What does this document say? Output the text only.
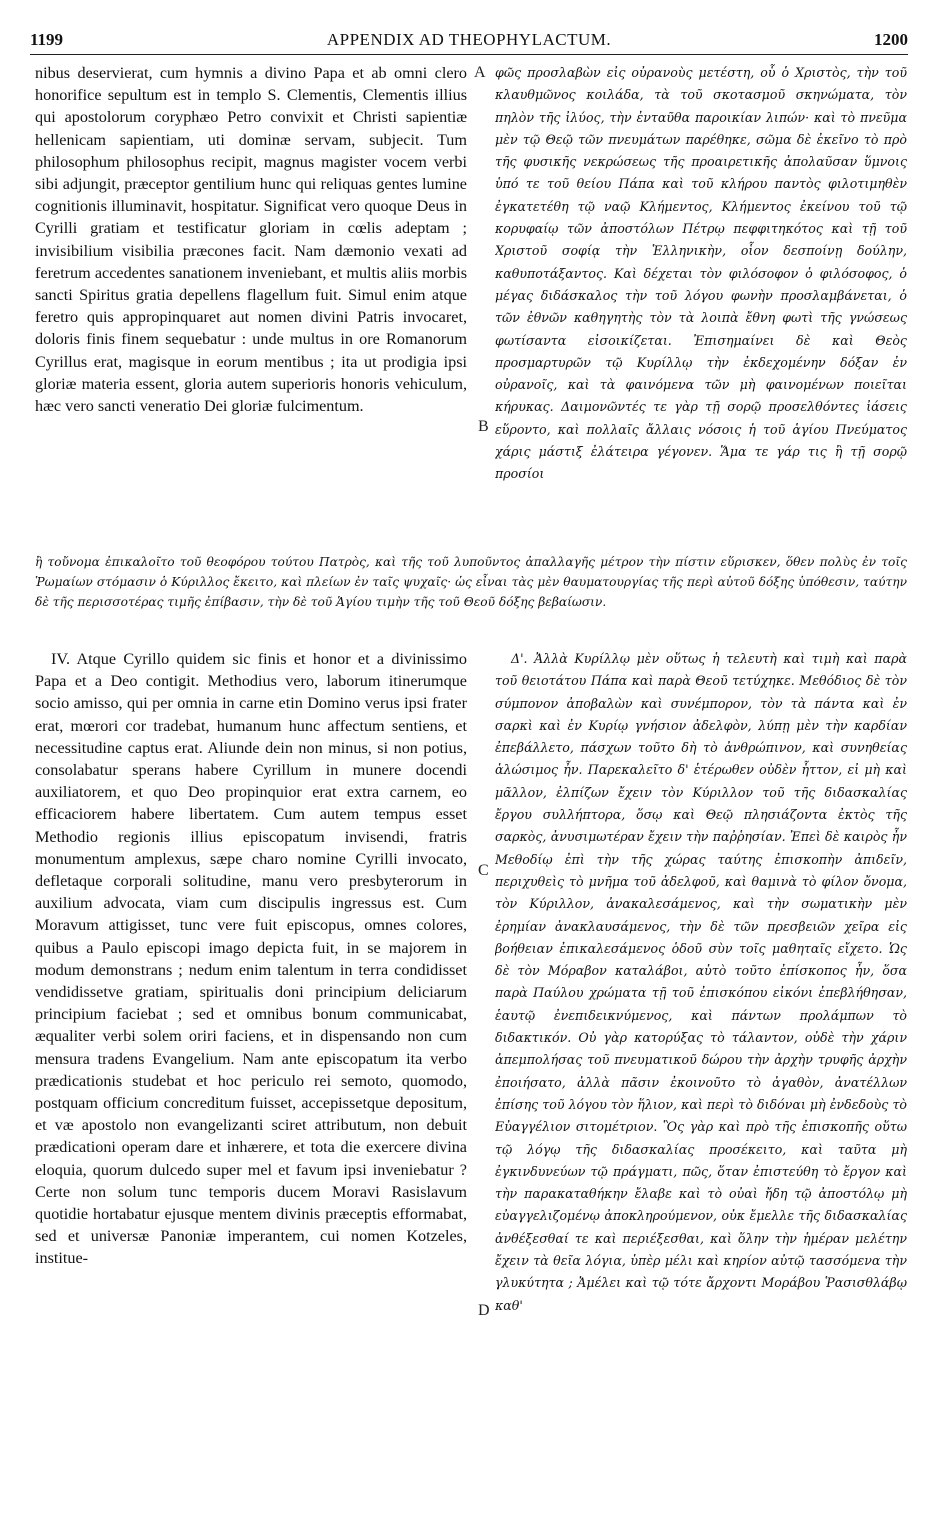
1199	APPENDIX AD THEOPHYLACTUM.	1200
A
B
C
D

nibus deservierat, cum hymnis a divino Papa et ab omni clero honorifice sepultum est in templo S. Clementis, Clementis illius qui apostolorum coryphæo Petro convixit et Christi sapientiæ hellenicam sapientiam, uti dominæ servam, subjecit. Tum philosophum philosophus recipit, magnus magister vocem verbi sibi adjungit, præceptor gentilium hunc qui reliquas gentes lumine cognitionis illuminavit, hospitatur. Significat vero quoque Deus in Cyrilli gratiam et testificatur gloriam in cœlis adeptam ; invisibilium visibilia præcones facit. Nam dæmonio vexati ad feretrum accedentes sanationem inveniebant, et multis aliis morbis sancti Spiritus gratia depellens flagellum fuit. Simul enim atque feretro quis appropinquaret aut nomen divini Patris invocaret, doloris finis finem sequebatur : unde multus in ore Romanorum Cyrillus erat, magisque in eorum mentibus ; ita ut prodigia ipsi gloriæ materia essent, gloria autem superioris honoris vehiculum, hæc vero sancti veneratio Dei gloriæ fulcimentum.

φῶς προσλαβὼν εἰς οὐρανοὺς μετέστη, οὗ ὁ Χριστὸς, τὴν τοῦ κλαυθμῶνος κοιλάδα, τὰ τοῦ σκοτασμοῦ σκηνώματα, τὸν πηλὸν τῆς ἰλύος, τὴν ἐνταῦθα παροικίαν λιπών· καὶ τὸ πνεῦμα μὲν τῷ Θεῷ τῶν πνευμάτων παρέθηκε, σῶμα δὲ ἐκεῖνο τὸ πρὸ τῆς φυσικῆς νεκρώσεως τῆς προαιρετικῆς ἀπολαῦσαν ὕμνοις ὑπό τε τοῦ θείου Πάπα καὶ τοῦ κλήρου παντὸς φιλοτιμηθὲν ἐγκατετέθη τῷ ναῷ Κλήμεντος, Κλήμεντος ἐκείνου τοῦ τῷ κορυφαίῳ τῶν ἀποστόλων Πέτρῳ πεφφιτηκότος καὶ τῇ τοῦ Χριστοῦ σοφίᾳ τὴν Ἑλληνικὴν, οἷον δεσποίνῃ δούλην, καθυποτάξαντος. Καὶ δέχεται τὸν φιλόσοφον ὁ φιλόσοφος, ὁ μέγας διδάσκαλος τὴν τοῦ λόγου φωνὴν προσλαμβάνεται, ὁ τῶν ἐθνῶν καθηγητὴς τὸν τὰ λοιπὰ ἔθνη φωτὶ τῆς γνώσεως φωτίσαντα εἰσοικίζεται. Ἐπισημαίνει δὲ καὶ Θεὸς προσμαρτυρῶν τῷ Κυρίλλῳ τὴν ἐκδεχομένην δόξαν ἐν οὐρανοῖς, καὶ τὰ φαινόμενα τῶν μὴ φαινομένων ποιεῖται κήρυκας. Δαιμονῶντές τε γὰρ τῇ σορῷ προσελθόντες ἰάσεις εὕροντο, καὶ πολλαῖς ἄλλαις νόσοις ἡ τοῦ ἁγίου Πνεύματος χάρις μάστιξ ἐλάτειρα γέγονεν. Ἅμα τε γάρ τις ἢ τῇ σορῷ προσίοι

ἢ τοὔνομα ἐπικαλοῖτο τοῦ θεοφόρου τούτου Πατρὸς, καὶ τῆς τοῦ λυποῦντος ἀπαλλαγῆς μέτρον τὴν πίστιν εὕρισκεν, ὅθεν πολὺς ἐν τοῖς Ῥωμαίων στόμασιν ὁ Κύριλλος ἔκειτο, καὶ πλείων ἐν ταῖς ψυχαῖς· ὡς εἶναι τὰς μὲν θαυματουργίας τῆς περὶ αὐτοῦ δόξης ὑπόθεσιν, ταύτην δὲ τῆς περισσοτέρας τιμῆς ἐπίβασιν, τὴν δὲ τοῦ Ἁγίου τιμὴν τῆς τοῦ Θεοῦ δόξης βεβαίωσιν.

IV. Atque Cyrillo quidem sic finis et honor et a divinissimo Papa et a Deo contigit. Methodius vero, laborum itinerumque socio amisso, qui per omnia in carne etin Domino verus ipsi frater erat, mœrori cor tradebat, humanum hunc affectum sentiens, et necessitudine captus erat. Aliunde dein non minus, si non potius, consolabatur sperans habere Cyrillum in munere docendi auxiliatorem, et quo Deo propinquior erat extra carnem, eo efficaciorem habere libertatem. Cum autem tempus esset Methodio regionis illius episcopatum invisendi, fratris monumentum amplexus, sæpe charo nomine Cyrilli invocato, defletaque corporali solitudine, manu vero presbyterorum in auxilium advocata, viam cum discipulis ingressus est. Cum Moravum attigisset, tunc vere fuit episcopus, omnes colores, quibus a Paulo episcopi imago depicta fuit, in se majorem in modum demonstrans ; nedum enim talentum in terra condidisset vendidissetve gratiam, spiritualis doni principium deliciarum principium faciebat ; sed et omnibus bonum communicabat, æqualiter verbi solem oriri faciens, et in dispensando non cum mensura tradens Evangelium. Nam ante episcopatum ita verbo prædicationis studebat et hoc periculo rei semoto, quomodo, postquam officium concreditum fuisset, accepissetque depositum, et væ apostolo non evangelizanti sciret attributum, non debuit prædicationi operam dare et inhærere, et tota die exercere divina eloquia, quorum dulcedo super mel et favum ipsi inveniebatur ? Certe non solum tunc temporis ducem Moravi Rasislavum quotidie hortabatur ejusque mentem divinis præceptis efformabat, sed et universæ Panoniæ imperantem, cui nomen Kotzeles, institue-

Δ'. Ἀλλὰ Κυρίλλῳ μὲν οὕτως ἡ τελευτὴ καὶ τιμὴ καὶ παρὰ τοῦ θειοτάτου Πάπα καὶ παρὰ Θεοῦ τετύχηκε. Μεθόδιος δὲ τὸν σύμπονον ἀποβαλὼν καὶ συνέμπορον, τὸν τὰ πάντα καὶ ἐν σαρκὶ καὶ ἐν Κυρίῳ γνήσιον ἀδελφὸν, λύπῃ μὲν τὴν καρδίαν ἐπεβάλλετο, πάσχων τοῦτο δὴ τὸ ἀνθρώπινον, καὶ συνηθείας ἁλώσιμος ἦν. Παρεκαλεῖτο δ' ἑτέρωθεν οὐδὲν ἧττον, εἰ μὴ καὶ μᾶλλον, ἐλπίζων ἔχειν τὸν Κύριλλον τοῦ τῆς διδασκαλίας ἔργου συλλήπτορα, ὅσῳ καὶ Θεῷ πλησιάζοντα ἐκτὸς τῆς σαρκὸς, ἀνυσιμωτέραν ἔχειν τὴν παῤῥησίαν. Ἐπεὶ δὲ καιρὸς ἦν Μεθοδίῳ ἐπὶ τὴν τῆς χώρας ταύτης ἐπισκοπὴν ἀπιδεῖν, περιχυθεὶς τὸ μνῆμα τοῦ ἀδελφοῦ, καὶ θαμινὰ τὸ φίλον ὄνομα, τὸν Κύριλλον, ἀνακαλεσάμενος, καὶ τὴν σωματικὴν μὲν ἐρημίαν ἀνακλαυσάμενος, τὴν δὲ τῶν πρεσβειῶν χεῖρα εἰς βοήθειαν ἐπικαλεσάμενος ὁδοῦ σὺν τοῖς μαθηταῖς εἴχετο. Ὡς δὲ τὸν Μόραβον καταλάβοι, αὐτὸ τοῦτο ἐπίσκοπος ἦν, ὅσα παρὰ Παύλου χρώματα τῇ τοῦ ἐπισκόπου εἰκόνι ἐπεβλήθησαν, ἑαυτῷ ἐνεπιδεικνύμενος, καὶ πάντων προλάμπων τὸ διδακτικόν. Οὐ γὰρ κατορύξας τὸ τάλαντον, οὐδὲ τὴν χάριν ἀπεμπολήσας τοῦ πνευματικοῦ δώρου τὴν ἀρχὴν τρυφῆς ἀρχὴν ἐποιήσατο, ἀλλὰ πᾶσιν ἐκοινοῦτο τὸ ἀγαθὸν, ἀνατέλλων ἐπίσης τοῦ λόγου τὸν ἥλιον, καὶ περὶ τὸ διδόναι μὴ ἐνδεδοὺς τὸ Εὐαγγέλιον σιτομέτριον. Ὃς γὰρ καὶ πρὸ τῆς ἐπισκοπῆς οὕτω τῷ λόγῳ τῆς διδασκαλίας προσέκειτο, καὶ ταῦτα μὴ ἐγκινδυνεύων τῷ πράγματι, πῶς, ὅταν ἐπιστεύθη τὸ ἔργον καὶ τὴν παρακαταθήκην ἔλαβε καὶ τὸ οὐαὶ ἤδη τῷ ἀποστόλῳ μὴ εὐαγγελιζομένῳ ἀποκληρούμενον, οὐκ ἔμελλε τῆς διδασκαλίας ἀνθέξεσθαί τε καὶ περιέξεσθαι, καὶ ὅλην τὴν ἡμέραν μελέτην ἔχειν τὰ θεῖα λόγια, ὑπὲρ μέλι καὶ κηρίον αὐτῷ τασσόμενα τὴν γλυκύτητα ; Ἀμέλει καὶ τῷ τότε ἄρχοντι Μοράβου Ῥασισθλάβῳ καθ'
